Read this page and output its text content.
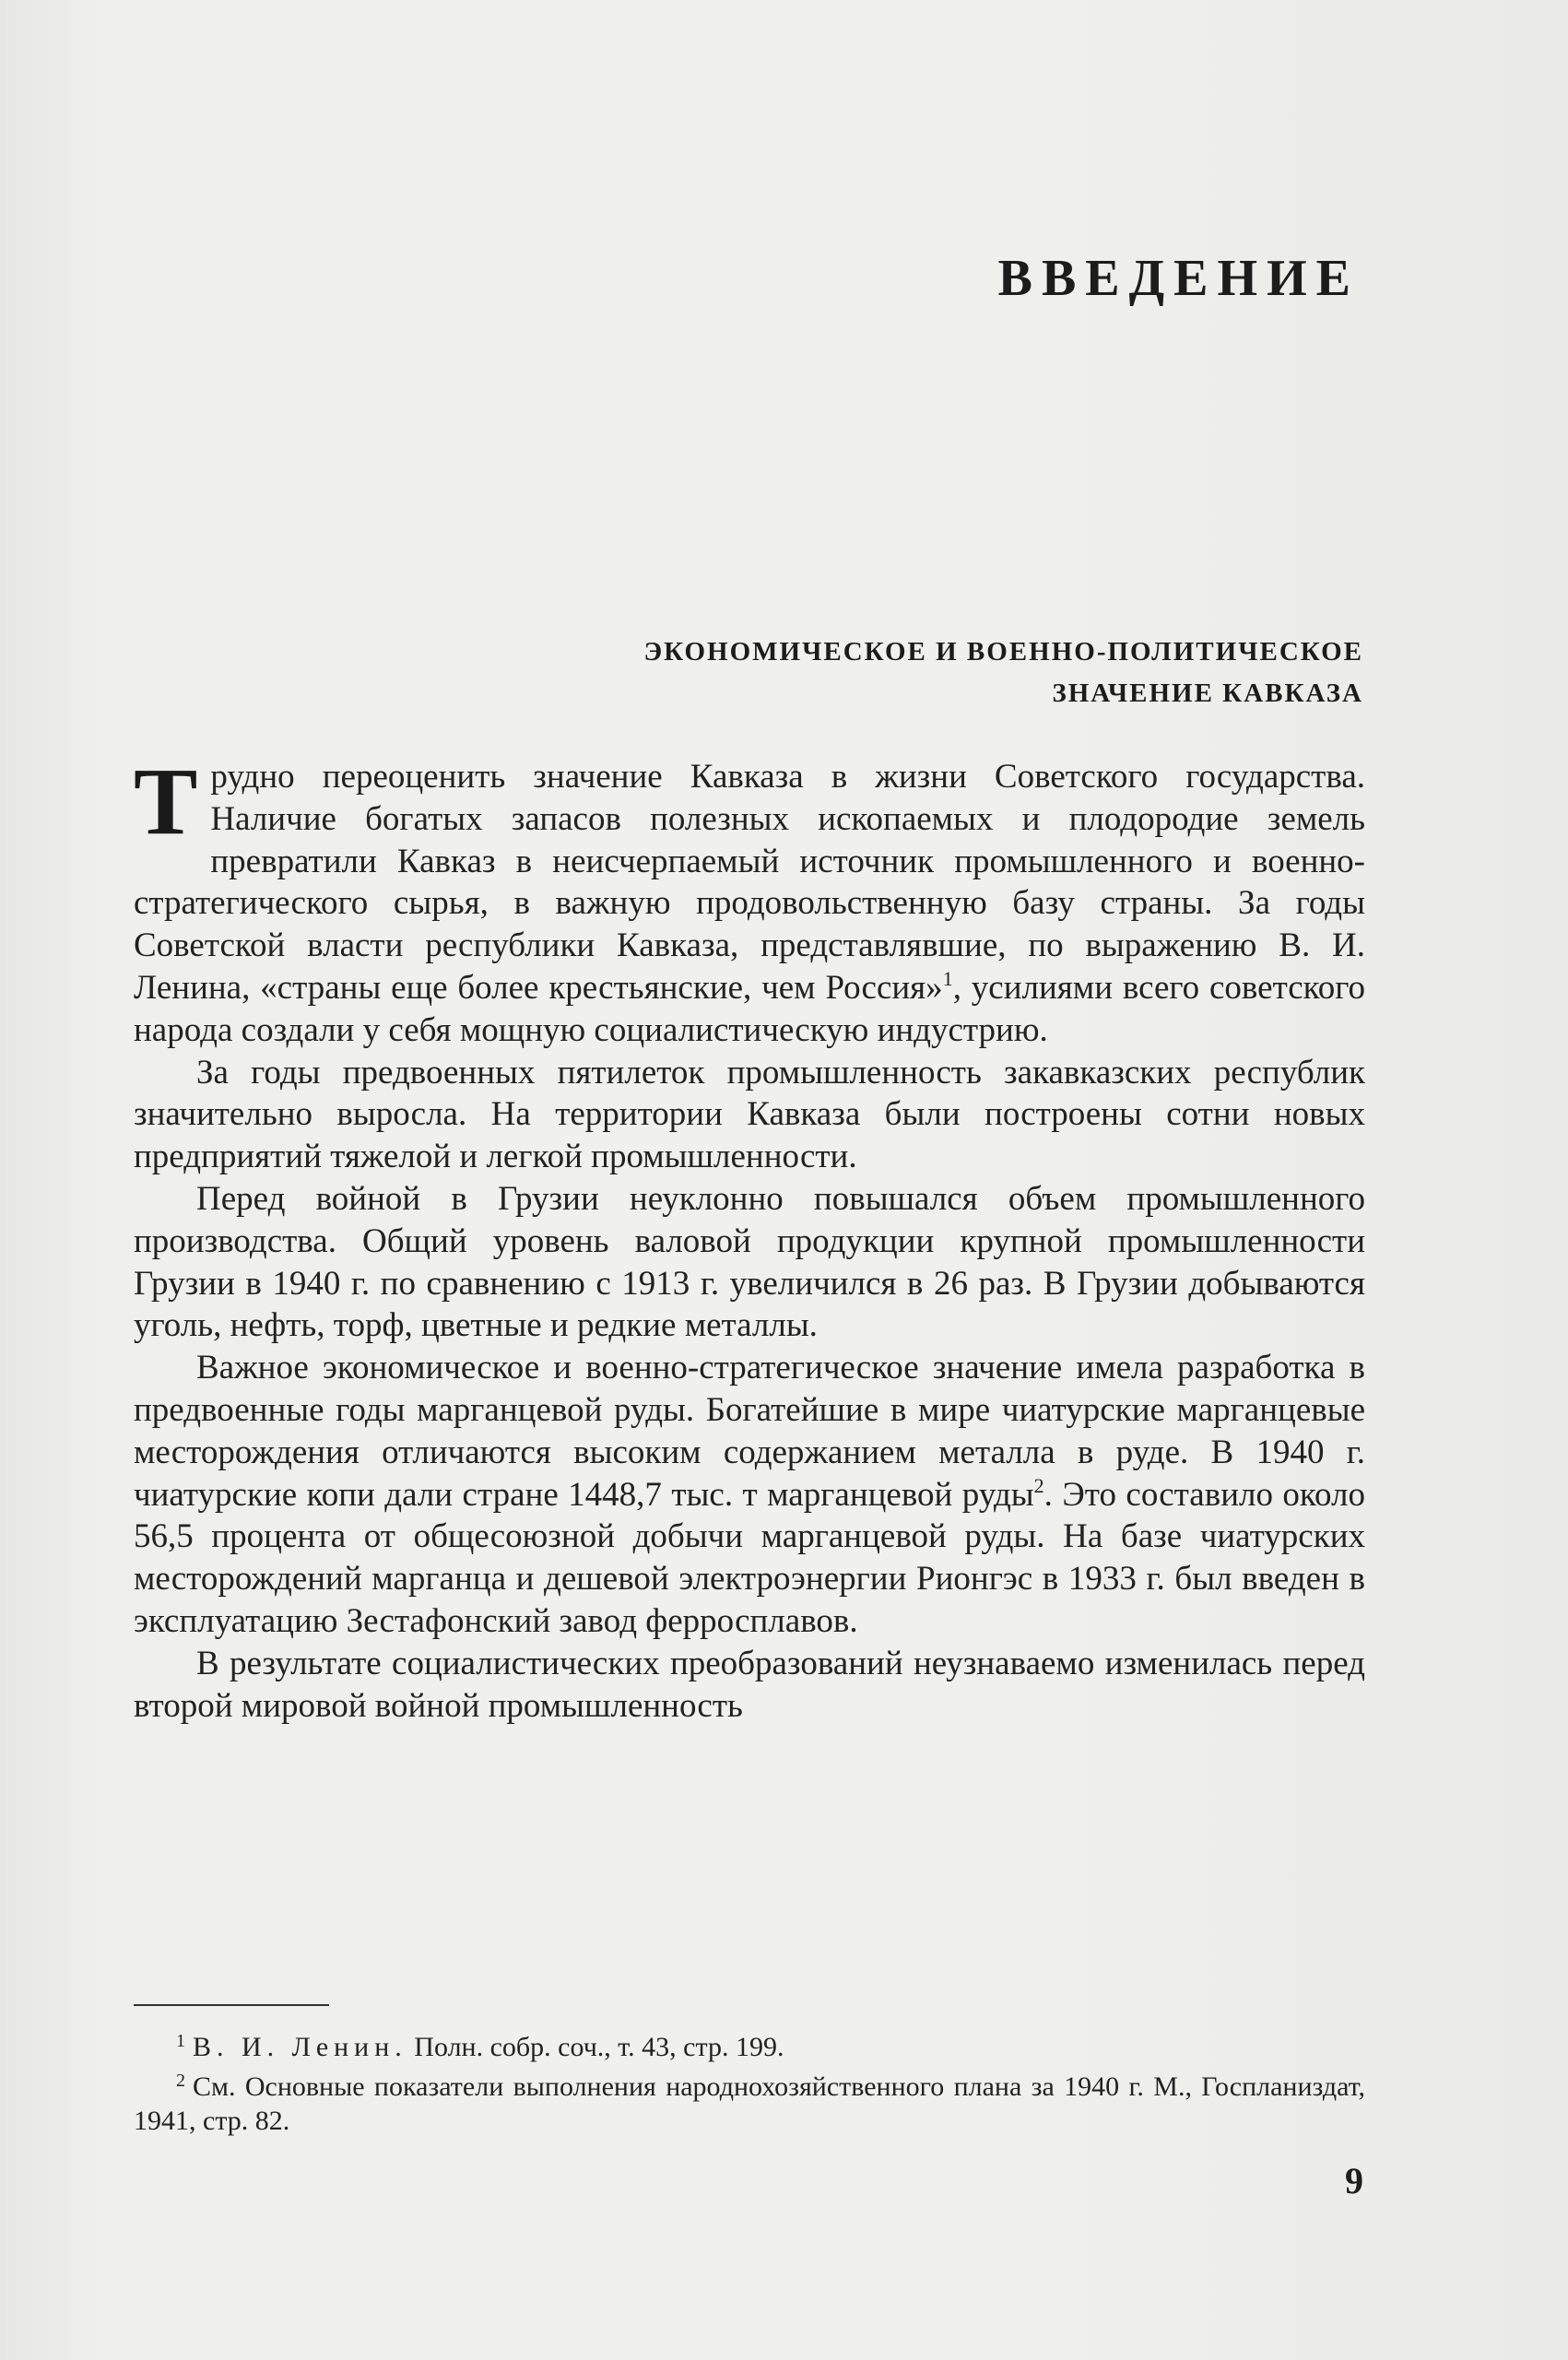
ВВЕДЕНИЕ
ЭКОНОМИЧЕСКОЕ И ВОЕННО-ПОЛИТИЧЕСКОЕ
ЗНАЧЕНИЕ КАВКАЗА

Трудно переоценить значение Кавказа в жизни Советского государства. Наличие богатых запасов полезных ископаемых и плодородие земель превратили Кавказ в неисчерпаемый источник промышленного и военно-стратегического сырья, в важную продовольственную базу страны. За годы Советской власти республики Кавказа, представлявшие, по выражению В. И. Ленина, «страны еще более крестьянские, чем Россия»$^1$, усилиями всего советского народа создали у себя мощную социалистическую индустрию.

За годы предвоенных пятилеток промышленность закавказских республик значительно выросла. На территории Кавказа были построены сотни новых предприятий тяжелой и легкой промышленности.

Перед войной в Грузии неуклонно повышался объем промышленного производства. Общий уровень валовой продукции крупной промышленности Грузии в 1940 г. по сравнению с 1913 г. увеличился в 26 раз. В Грузии добываются уголь, нефть, торф, цветные и редкие металлы.

Важное экономическое и военно-стратегическое значение имела разработка в предвоенные годы марганцевой руды. Богатейшие в мире чиатурские марганцевые месторождения отличаются высоким содержанием металла в руде. В 1940 г. чиатурские копи дали стране 1448,7 тыс. т марганцевой руды$^2$. Это составило около 56,5 процента от общесоюзной добычи марганцевой руды. На базе чиатурских месторождений марганца и дешевой электроэнергии Рионгэс в 1933 г. был введен в эксплуатацию Зестафонский завод ферросплавов.

В результате социалистических преобразований неузнаваемо изменилась перед второй мировой войной промышленность

$^1$ В. И. Ленин. Полн. собр. соч., т. 43, стр. 199.

$^2$ См. Основные показатели выполнения народнохозяйственного плана за 1940 г. М., Госпланиздат, 1941, стр. 82.

9
